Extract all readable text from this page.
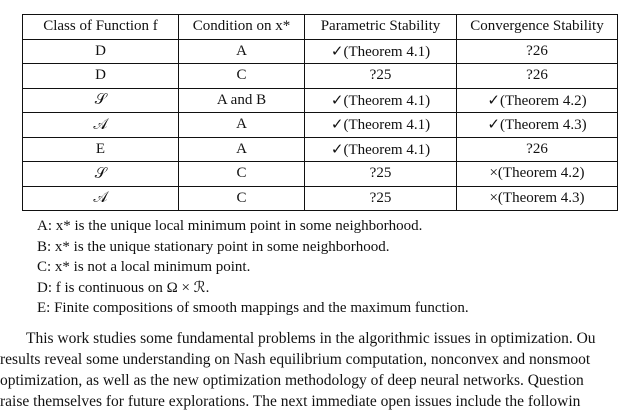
Class of Function f	Condition on x*	Parametric Stability	Convergence Stability
D	A	✓(Theorem 4.1)	?26
D	C	?25	?26
𝒮	A and B	✓(Theorem 4.1)	✓(Theorem 4.2)
𝒜	A	✓(Theorem 4.1)	✓(Theorem 4.3)
E	A	✓(Theorem 4.1)	?26
𝒮	C	?25	×(Theorem 4.2)
𝒜	C	?25	×(Theorem 4.3)
A: x* is the unique local minimum point in some neighborhood.
B: x* is the unique stationary point in some neighborhood.
C: x* is not a local minimum point.
D: f is continuous on Ω × ℛ.
E: Finite compositions of smooth mappings and the maximum function.
This work studies some fundamental problems in the algorithmic issues in optimization. Ou
results reveal some understanding on Nash equilibrium computation, nonconvex and nonsmoot
optimization, as well as the new optimization methodology of deep neural networks. Question
raise themselves for future explorations. The next immediate open issues include the followin
